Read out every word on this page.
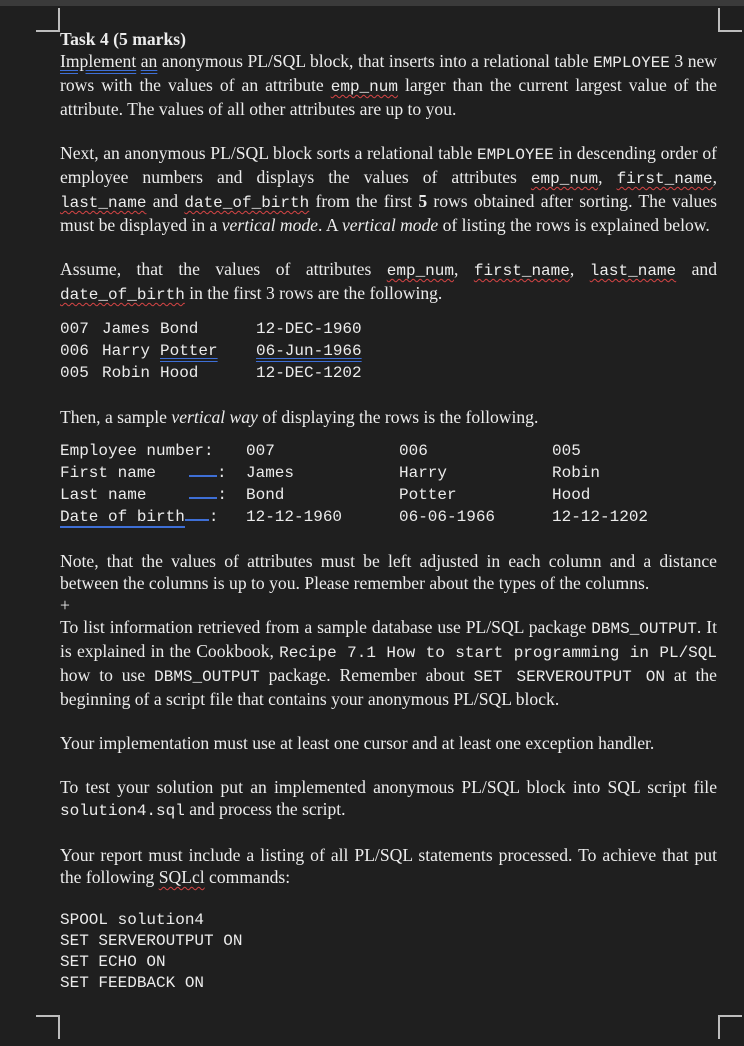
Task 4 (5 marks)

Implement an anonymous PL/SQL block, that inserts into a relational table EMPLOYEE 3 new rows with the values of an attribute emp_num larger than the current largest value of the attribute. The values of all other attributes are up to you.

Next, an anonymous PL/SQL block sorts a relational table EMPLOYEE in descending order of employee numbers and displays the values of attributes emp_num, first_name, last_name and date_of_birth from the first 5 rows obtained after sorting. The values must be displayed in a vertical mode. A vertical mode of listing the rows is explained below.

Assume, that the values of attributes emp_num, first_name, last_name and date_of_birth in the first 3 rows are the following.

007	James	Bond	12-DEC-1960
006	Harry	Potter	06-Jun-1966
005	Robin	Hood	12-DEC-1202

Then, a sample vertical way of displaying the rows is the following.

Employee number:	007	006	005
First name :	James	Harry	Robin
Last name :	Bond	Potter	Hood
Date of birth :	12-12-1960	06-06-1966	12-12-1202

Note, that the values of attributes must be left adjusted in each column and a distance between the columns is up to you. Please remember about the types of the columns.

+

To list information retrieved from a sample database use PL/SQL package DBMS_OUTPUT. It is explained in the Cookbook, Recipe 7.1 How to start programming in PL/SQL how to use DBMS_OUTPUT package. Remember about SET SERVEROUTPUT ON at the beginning of a script file that contains your anonymous PL/SQL block.

Your implementation must use at least one cursor and at least one exception handler.

To test your solution put an implemented anonymous PL/SQL block into SQL script file solution4.sql and process the script.

Your report must include a listing of all PL/SQL statements processed. To achieve that put the following SQLcl commands:

SPOOL solution4
SET SERVEROUTPUT ON
SET ECHO ON
SET FEEDBACK ON
